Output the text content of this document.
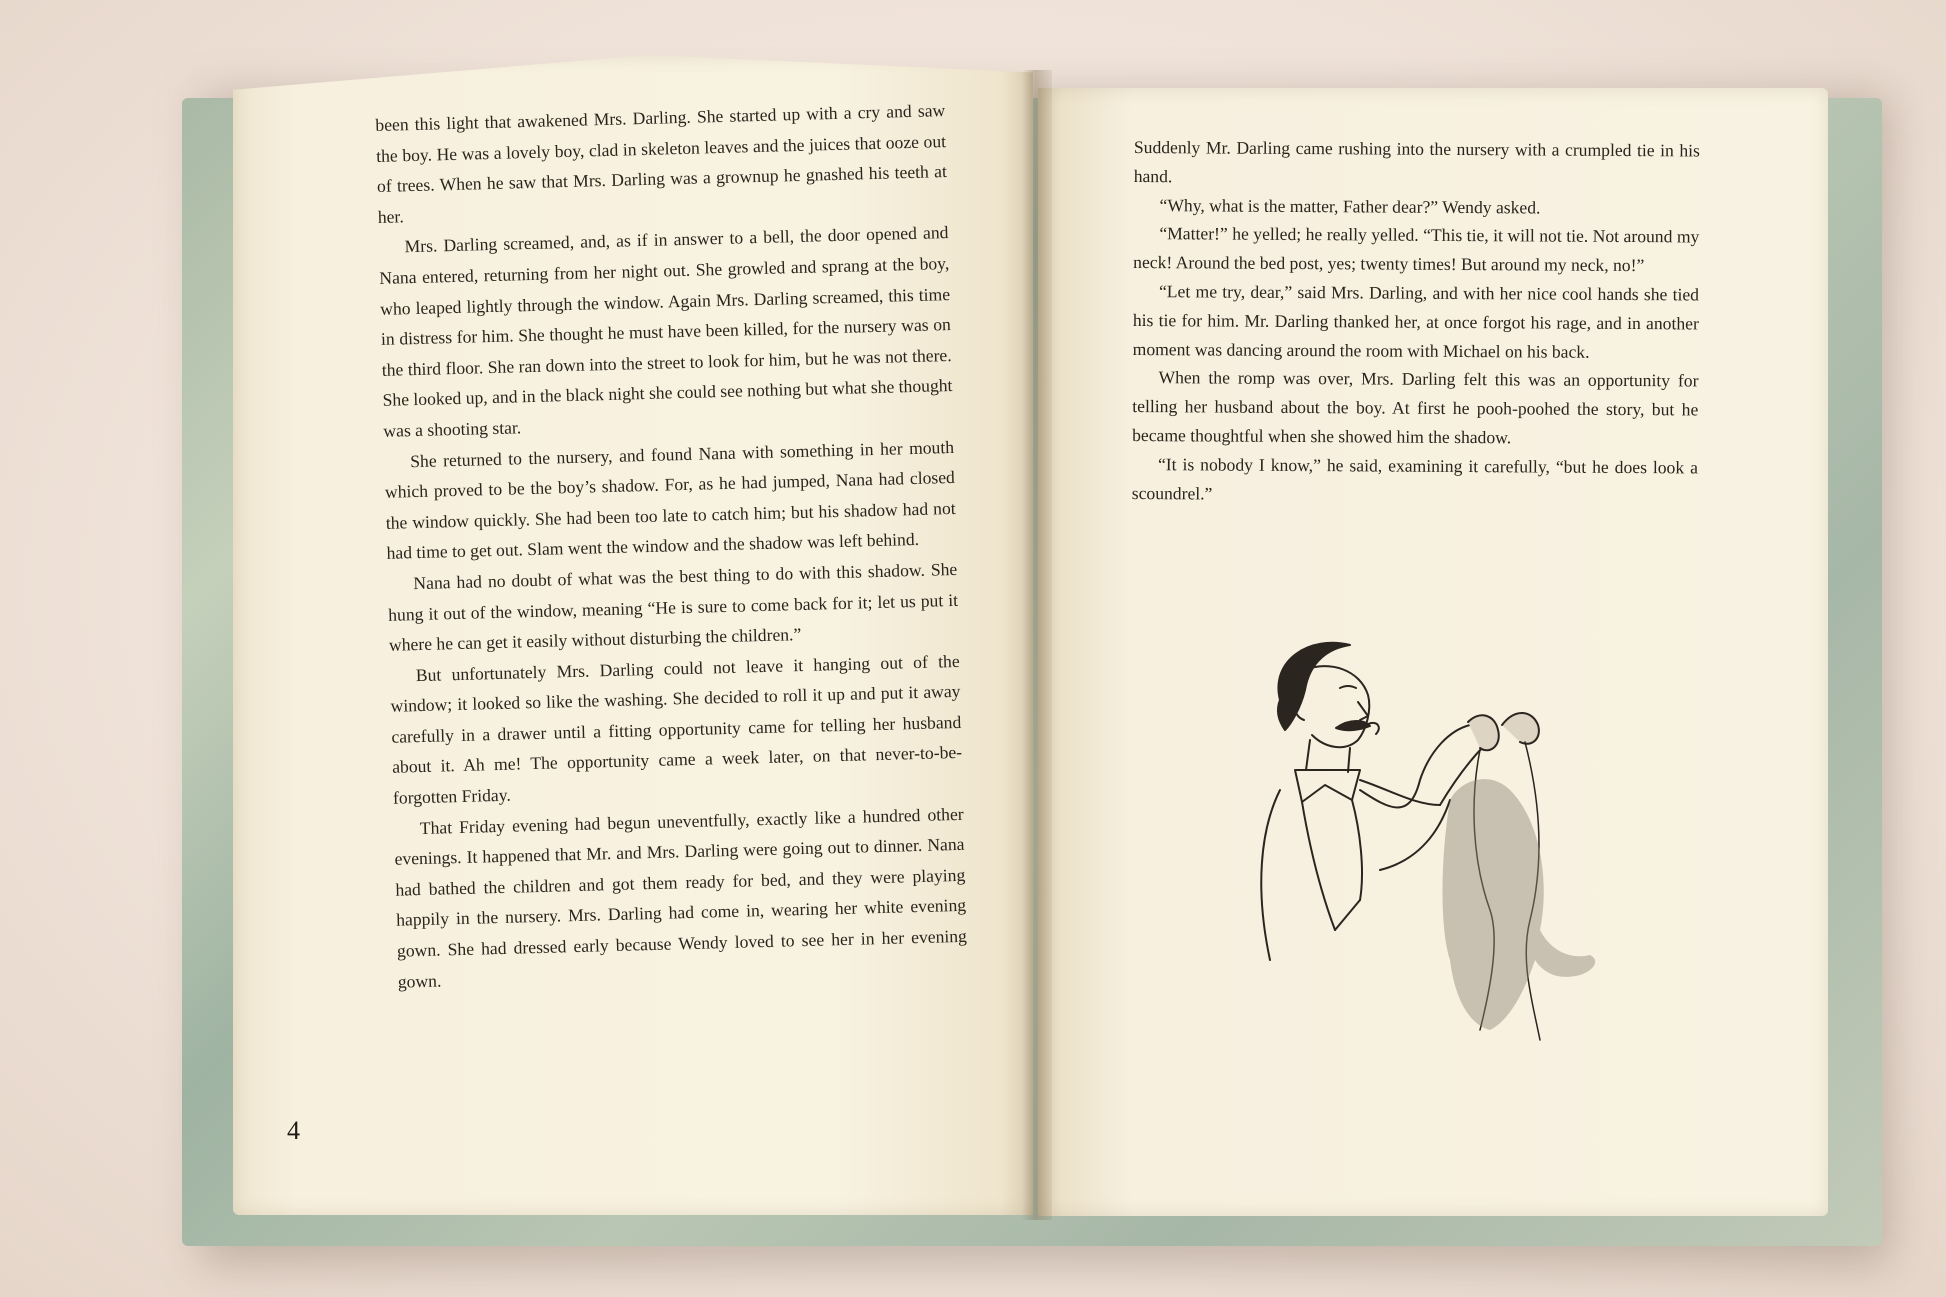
been this light that awakened Mrs. Darling. She started up with a cry and saw the boy. He was a lovely boy, clad in skeleton leaves and the juices that ooze out of trees. When he saw that Mrs. Darling was a grownup he gnashed his teeth at her.

Mrs. Darling screamed, and, as if in answer to a bell, the door opened and Nana entered, returning from her night out. She growled and sprang at the boy, who leaped lightly through the window. Again Mrs. Darling screamed, this time in distress for him. She thought he must have been killed, for the nursery was on the third floor. She ran down into the street to look for him, but he was not there. She looked up, and in the black night she could see nothing but what she thought was a shooting star.

She returned to the nursery, and found Nana with something in her mouth which proved to be the boy’s shadow. For, as he had jumped, Nana had closed the window quickly. She had been too late to catch him; but his shadow had not had time to get out. Slam went the window and the shadow was left behind.

Nana had no doubt of what was the best thing to do with this shadow. She hung it out of the window, meaning “He is sure to come back for it; let us put it where he can get it easily without disturbing the children.”

But unfortunately Mrs. Darling could not leave it hanging out of the window; it looked so like the washing. She decided to roll it up and put it away carefully in a drawer until a fitting opportunity came for telling her husband about it. Ah me! The opportunity came a week later, on that never-to-be-forgotten Friday.

That Friday evening had begun uneventfully, exactly like a hundred other evenings. It happened that Mr. and Mrs. Darling were going out to dinner. Nana had bathed the children and got them ready for bed, and they were playing happily in the nursery. Mrs. Darling had come in, wearing her white evening gown. She had dressed early because Wendy loved to see her in her evening gown.

4

Suddenly Mr. Darling came rushing into the nursery with a crumpled tie in his hand.

“Why, what is the matter, Father dear?” Wendy asked.

“Matter!” he yelled; he really yelled. “This tie, it will not tie. Not around my neck! Around the bed post, yes; twenty times! But around my neck, no!”

“Let me try, dear,” said Mrs. Darling, and with her nice cool hands she tied his tie for him. Mr. Darling thanked her, at once forgot his rage, and in another moment was dancing around the room with Michael on his back.

When the romp was over, Mrs. Darling felt this was an opportunity for telling her husband about the boy. At first he pooh-poohed the story, but he became thoughtful when she showed him the shadow.

“It is nobody I know,” he said, examining it carefully, “but he does look a scoundrel.”
